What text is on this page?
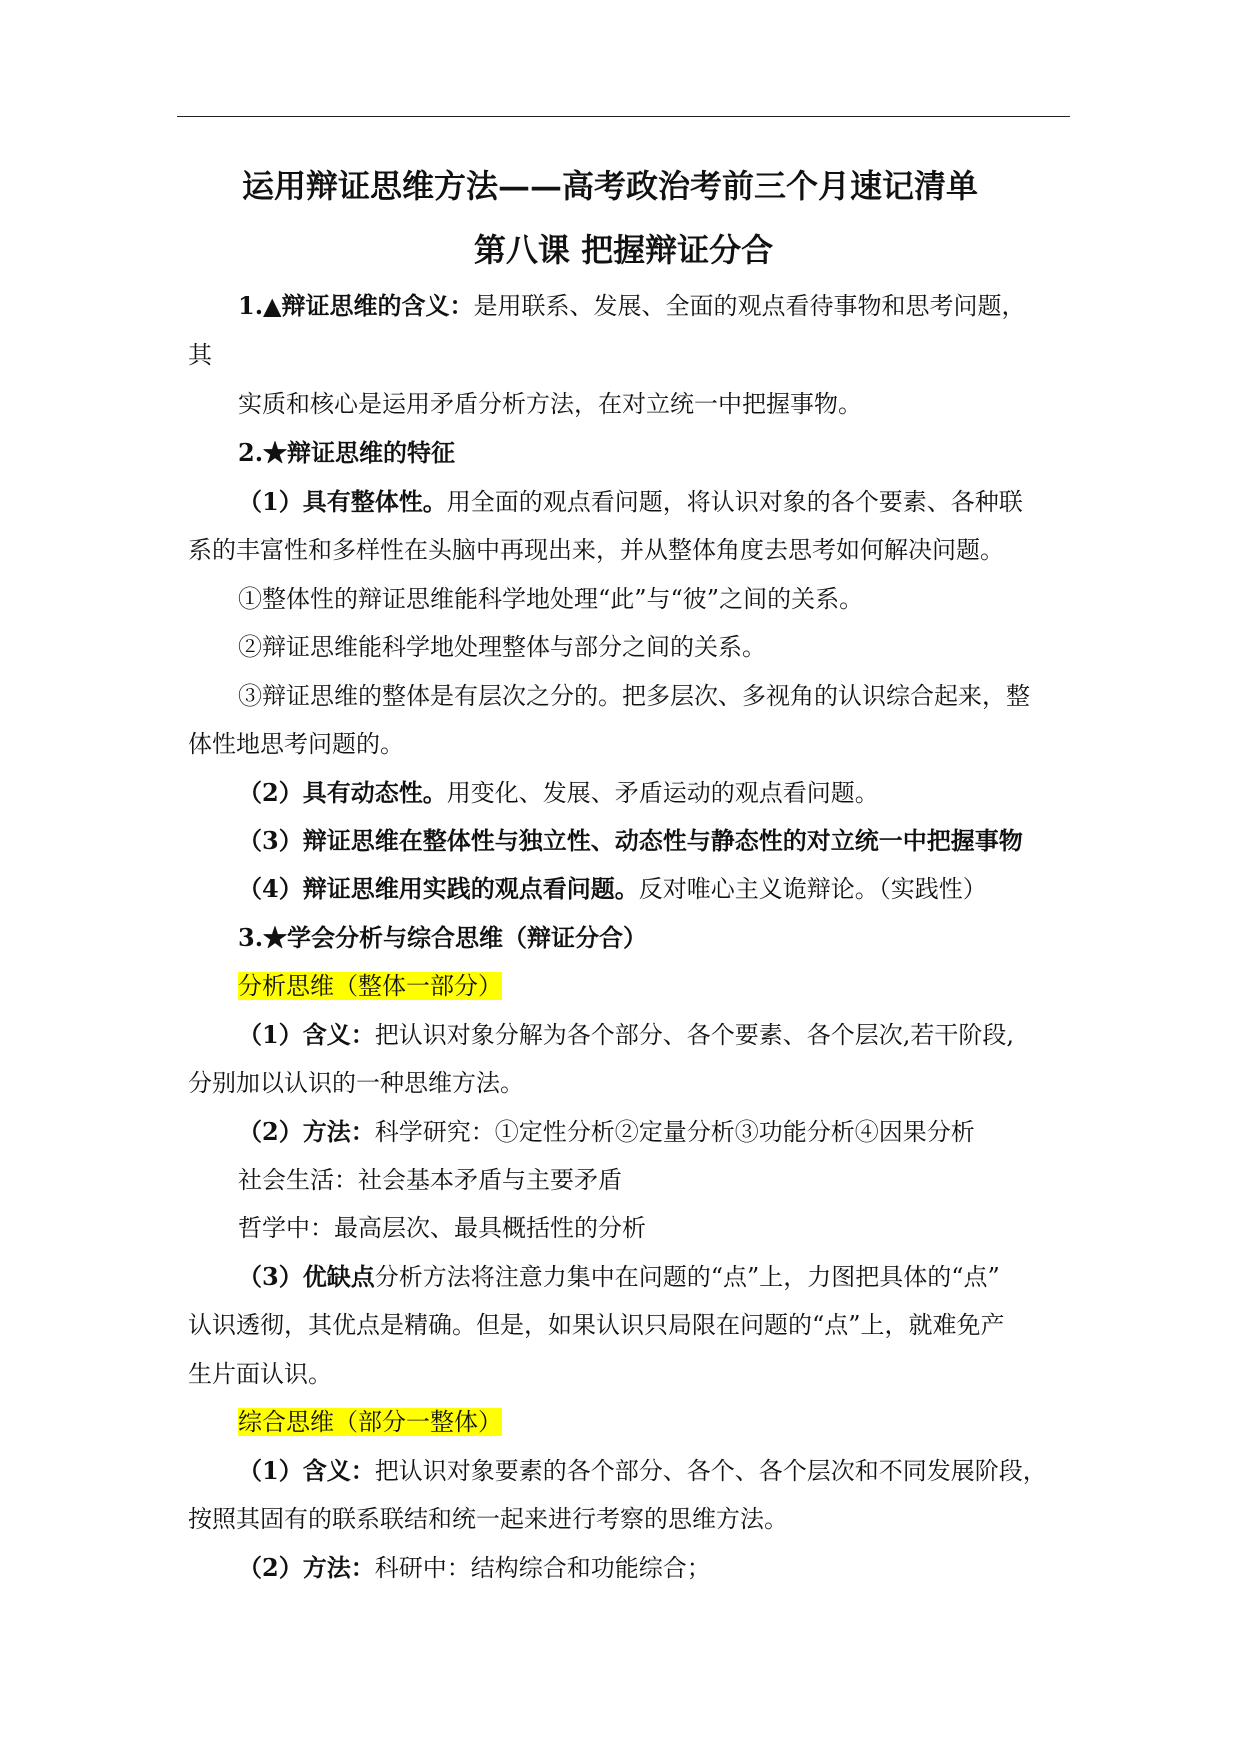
运用辩证思维方法——高考政治考前三个月速记清单
第八课 把握辩证分合
1.▲辩证思维的含义：是用联系、发展、全面的观点看待事物和思考问题，
其
实质和核心是运用矛盾分析方法，在对立统一中把握事物。
2.★辩证思维的特征
（1）具有整体性。用全面的观点看问题，将认识对象的各个要素、各种联
系的丰富性和多样性在头脑中再现出来，并从整体角度去思考如何解决问题。
①整体性的辩证思维能科学地处理“此”与“彼”之间的关系。
②辩证思维能科学地处理整体与部分之间的关系。
③辩证思维的整体是有层次之分的。把多层次、多视角的认识综合起来，整
体性地思考问题的。
（2）具有动态性。用变化、发展、矛盾运动的观点看问题。
（3）辩证思维在整体性与独立性、动态性与静态性的对立统一中把握事物
（4）辩证思维用实践的观点看问题。反对唯心主义诡辩论。（实践性）
3.★学会分析与综合思维（辩证分合）
分析思维（整体一部分）
（1）含义：把认识对象分解为各个部分、各个要素、各个层次,若干阶段,
分别加以认识的一种思维方法。
（2）方法：科学研究：①定性分析②定量分析③功能分析④因果分析
社会生活：社会基本矛盾与主要矛盾
哲学中：最高层次、最具概括性的分析
（3）优缺点分析方法将注意力集中在问题的“点”上，力图把具体的“点”
认识透彻，其优点是精确。但是，如果认识只局限在问题的“点”上，就难免产
生片面认识。
综合思维（部分一整体）
（1）含义：把认识对象要素的各个部分、各个、各个层次和不同发展阶段，
按照其固有的联系联结和统一起来进行考察的思维方法。
（2）方法：科研中：结构综合和功能综合；
